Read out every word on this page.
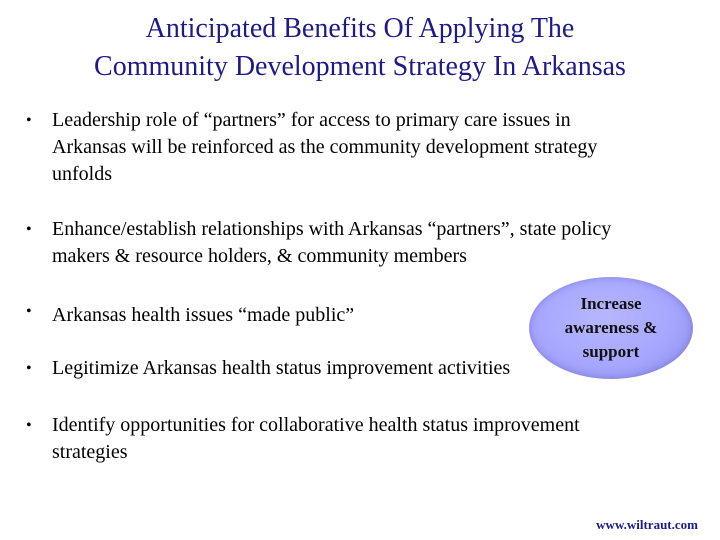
Anticipated Benefits Of Applying The
Community Development Strategy In Arkansas
•	Leadership role of “partners” for access to primary care issues in Arkansas will be reinforced as the community development strategy unfolds
•	Enhance/establish relationships with Arkansas “partners”, state policy makers & resource holders, & community members
•	Arkansas health issues “made public”
•	Legitimize Arkansas health status improvement activities
•	Identify opportunities for collaborative health status improvement strategies
Increase
awareness &
support
www.wiltraut.com
